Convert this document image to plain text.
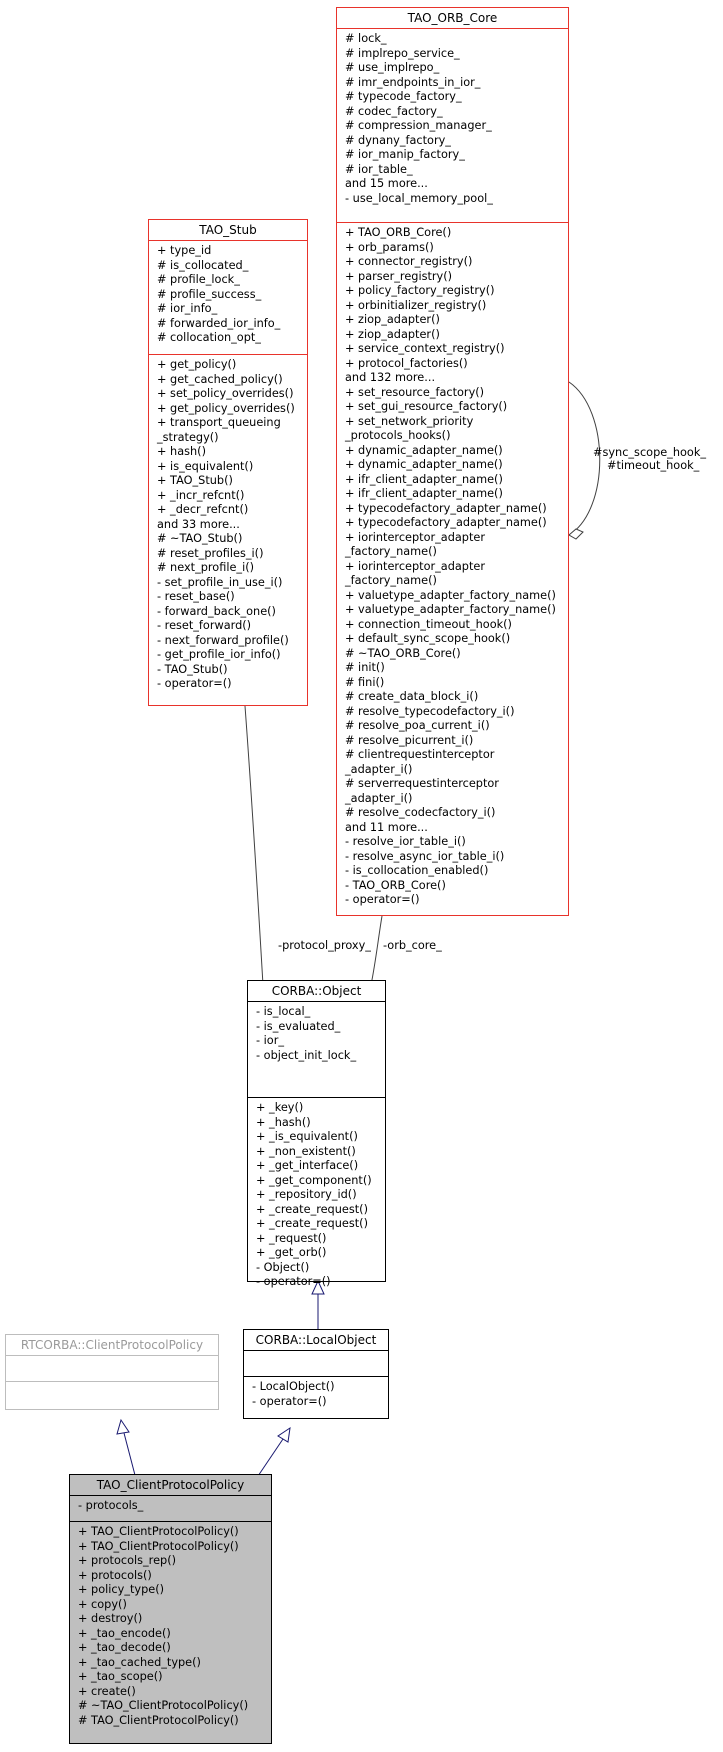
TAO_ORB_Core
# lock_
# implrepo_service_
# use_implrepo_
# imr_endpoints_in_ior_
# typecode_factory_
# codec_factory_
# compression_manager_
# dynany_factory_
# ior_manip_factory_
# ior_table_
and 15 more...
- use_local_memory_pool_
+ TAO_ORB_Core()
+ orb_params()
+ connector_registry()
+ parser_registry()
+ policy_factory_registry()
+ orbinitializer_registry()
+ ziop_adapter()
+ ziop_adapter()
+ service_context_registry()
+ protocol_factories()
and 132 more...
+ set_resource_factory()
+ set_gui_resource_factory()
+ set_network_priority
_protocols_hooks()
+ dynamic_adapter_name()
+ dynamic_adapter_name()
+ ifr_client_adapter_name()
+ ifr_client_adapter_name()
+ typecodefactory_adapter_name()
+ typecodefactory_adapter_name()
+ iorinterceptor_adapter
_factory_name()
+ iorinterceptor_adapter
_factory_name()
+ valuetype_adapter_factory_name()
+ valuetype_adapter_factory_name()
+ connection_timeout_hook()
+ default_sync_scope_hook()
# ~TAO_ORB_Core()
# init()
# fini()
# create_data_block_i()
# resolve_typecodefactory_i()
# resolve_poa_current_i()
# resolve_picurrent_i()
# clientrequestinterceptor
_adapter_i()
# serverrequestinterceptor
_adapter_i()
# resolve_codecfactory_i()
and 11 more...
- resolve_ior_table_i()
- resolve_async_ior_table_i()
- is_collocation_enabled()
- TAO_ORB_Core()
- operator=()
TAO_Stub
+ type_id
# is_collocated_
# profile_lock_
# profile_success_
# ior_info_
# forwarded_ior_info_
# collocation_opt_
+ get_policy()
+ get_cached_policy()
+ set_policy_overrides()
+ get_policy_overrides()
+ transport_queueing
_strategy()
+ hash()
+ is_equivalent()
+ TAO_Stub()
+ _incr_refcnt()
+ _decr_refcnt()
and 33 more...
# ~TAO_Stub()
# reset_profiles_i()
# next_profile_i()
- set_profile_in_use_i()
- reset_base()
- forward_back_one()
- reset_forward()
- next_forward_profile()
- get_profile_ior_info()
- TAO_Stub()
- operator=()
#sync_scope_hook_
#timeout_hook_
-protocol_proxy_ -orb_core_
CORBA::Object
- is_local_
- is_evaluated_
- ior_
- object_init_lock_
+ _key()
+ _hash()
+ _is_equivalent()
+ _non_existent()
+ _get_interface()
+ _get_component()
+ _repository_id()
+ _create_request()
+ _create_request()
+ _request()
+ _get_orb()
- Object()
- operator=()
CORBA::LocalObject
- LocalObject()
- operator=()
RTCORBA::ClientProtocolPolicy
TAO_ClientProtocolPolicy
- protocols_
+ TAO_ClientProtocolPolicy()
+ TAO_ClientProtocolPolicy()
+ protocols_rep()
+ protocols()
+ policy_type()
+ copy()
+ destroy()
+ _tao_encode()
+ _tao_decode()
+ _tao_cached_type()
+ _tao_scope()
+ create()
# ~TAO_ClientProtocolPolicy()
# TAO_ClientProtocolPolicy()
